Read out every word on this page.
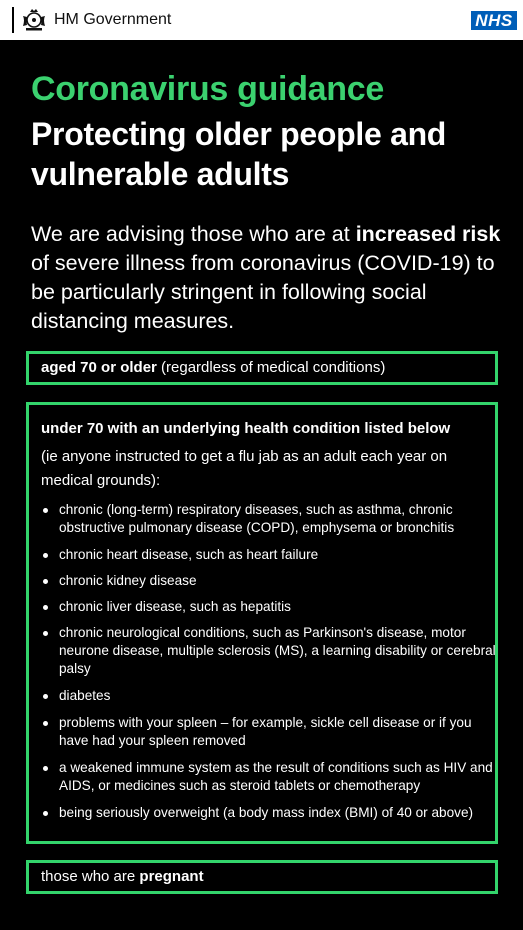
HM Government	NHS
Coronavirus guidance
Protecting older people and vulnerable adults
We are advising those who are at increased risk of severe illness from coronavirus (COVID-19) to be particularly stringent in following social distancing measures.
aged 70 or older (regardless of medical conditions)
under 70 with an underlying health condition listed below
(ie anyone instructed to get a flu jab as an adult each year on medical grounds):
chronic (long-term) respiratory diseases, such as asthma, chronic obstructive pulmonary disease (COPD), emphysema or bronchitis
chronic heart disease, such as heart failure
chronic kidney disease
chronic liver disease, such as hepatitis
chronic neurological conditions, such as Parkinson's disease, motor neurone disease, multiple sclerosis (MS), a learning disability or cerebral palsy
diabetes
problems with your spleen – for example, sickle cell disease or if you have had your spleen removed
a weakened immune system as the result of conditions such as HIV and AIDS, or medicines such as steroid tablets or chemotherapy
being seriously overweight (a body mass index (BMI) of 40 or above)
those who are pregnant
